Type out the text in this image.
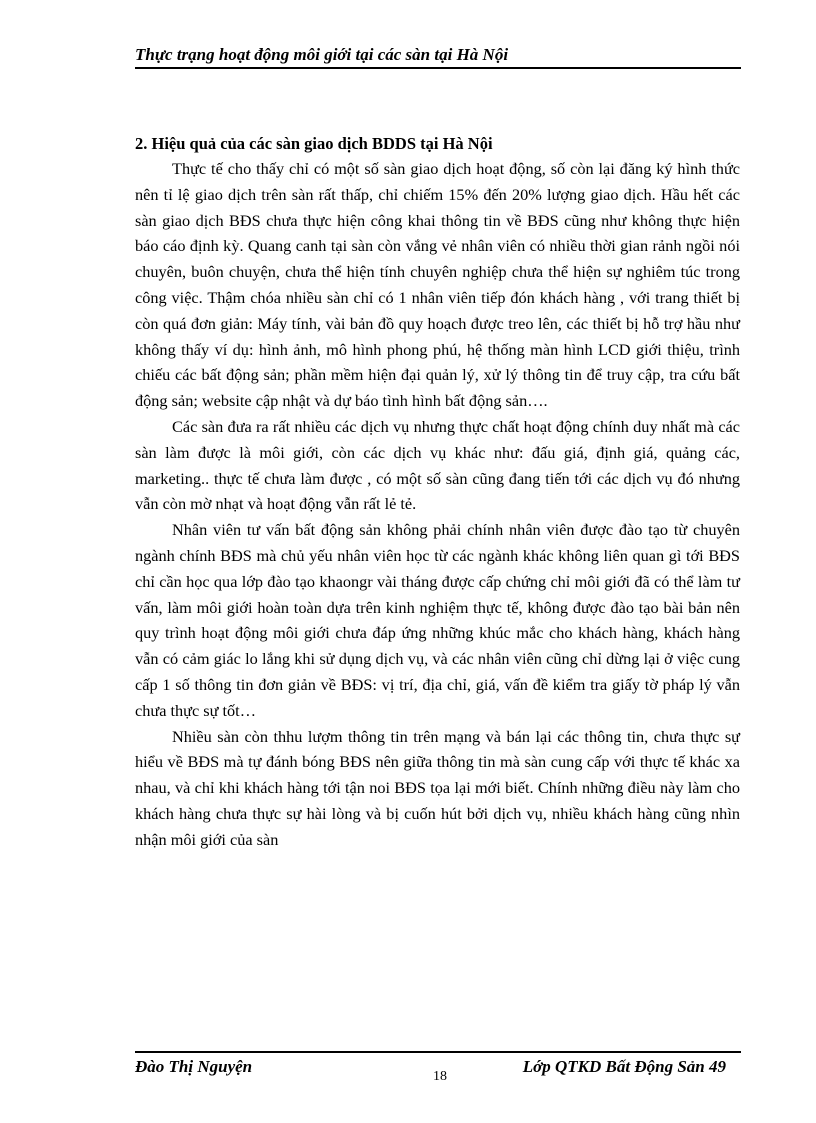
Thực trạng hoạt động môi giới tại các sàn tại Hà Nội
2. Hiệu quả của các sàn giao dịch BDDS tại Hà Nội

Thực tế cho thấy chỉ có một số sàn giao dịch hoạt động, số còn lại đăng ký hình thức nên tỉ lệ giao dịch trên sàn rất thấp, chỉ chiếm 15% đến 20% lượng giao dịch. Hầu hết các sàn giao dịch BĐS chưa thực hiện công khai thông tin về BĐS cũng như không thực hiện báo cáo định kỳ. Quang canh tại sàn còn vắng vẻ nhân viên có nhiều thời gian rảnh ngồi nói chuyên, buôn chuyện, chưa thể hiện tính chuyên nghiệp chưa thể hiện sự nghiêm túc trong công việc. Thậm chóa nhiều sàn chỉ có 1 nhân viên tiếp đón khách hàng , với trang thiết bị còn quá đơn giản: Máy tính, vài bản đồ quy hoạch được treo lên, các thiết bị hỗ trợ hầu như không thấy ví dụ: hình ảnh, mô hình phong phú, hệ thống màn hình LCD giới thiệu, trình chiếu các bất động sản; phần mềm hiện đại quản lý, xử lý thông tin để truy cập, tra cứu bất động sản; website cập nhật và dự báo tình hình bất động sản….

Các sàn đưa ra rất nhiều các dịch vụ nhưng thực chất hoạt động chính duy nhất mà các sàn làm được là môi giới, còn các dịch vụ khác như: đấu giá, định giá, quảng các, marketing.. thực tế chưa làm được , có một số sàn cũng đang tiến tới các dịch vụ đó nhưng vẫn còn mờ nhạt và hoạt động vẫn rất lẻ tẻ.

Nhân viên tư vấn bất động sản không phải chính nhân viên được đào tạo từ chuyên ngành chính BĐS mà chủ yếu nhân viên học từ các ngành khác không liên quan gì tới BĐS chỉ cần học qua lớp đào tạo khaongr vài tháng được cấp chứng chỉ môi giới đã có thể làm tư vấn, làm môi giới hoàn toàn dựa trên kinh nghiệm thực tế, không được đào tạo bài bản nên quy trình hoạt động môi giới chưa đáp ứng những khúc mắc cho khách hàng, khách hàng vẫn có cảm giác lo lắng khi sử dụng dịch vụ, và các nhân viên cũng chỉ dừng lại ở việc cung cấp 1 số thông tin đơn giản về BĐS: vị trí, địa chỉ, giá, vấn đề kiểm tra giấy tờ pháp lý vẫn chưa thực sự tốt…

Nhiều sàn còn thhu lượm thông tin trên mạng và bán lại các thông tin, chưa thực sự hiểu về BĐS mà tự đánh bóng BĐS nên giữa thông tin mà sàn cung cấp với thực tế khác xa nhau, và chỉ khi khách hàng tới tận noi BĐS tọa lại mới biết. Chính những điều này làm cho khách hàng chưa thực sự hài lòng và bị cuốn hút bởi dịch vụ, nhiều khách hàng cũng nhìn nhận môi giới của sàn

Đào Thị Nguyện
18
Lớp QTKD Bất Động Sản 49
